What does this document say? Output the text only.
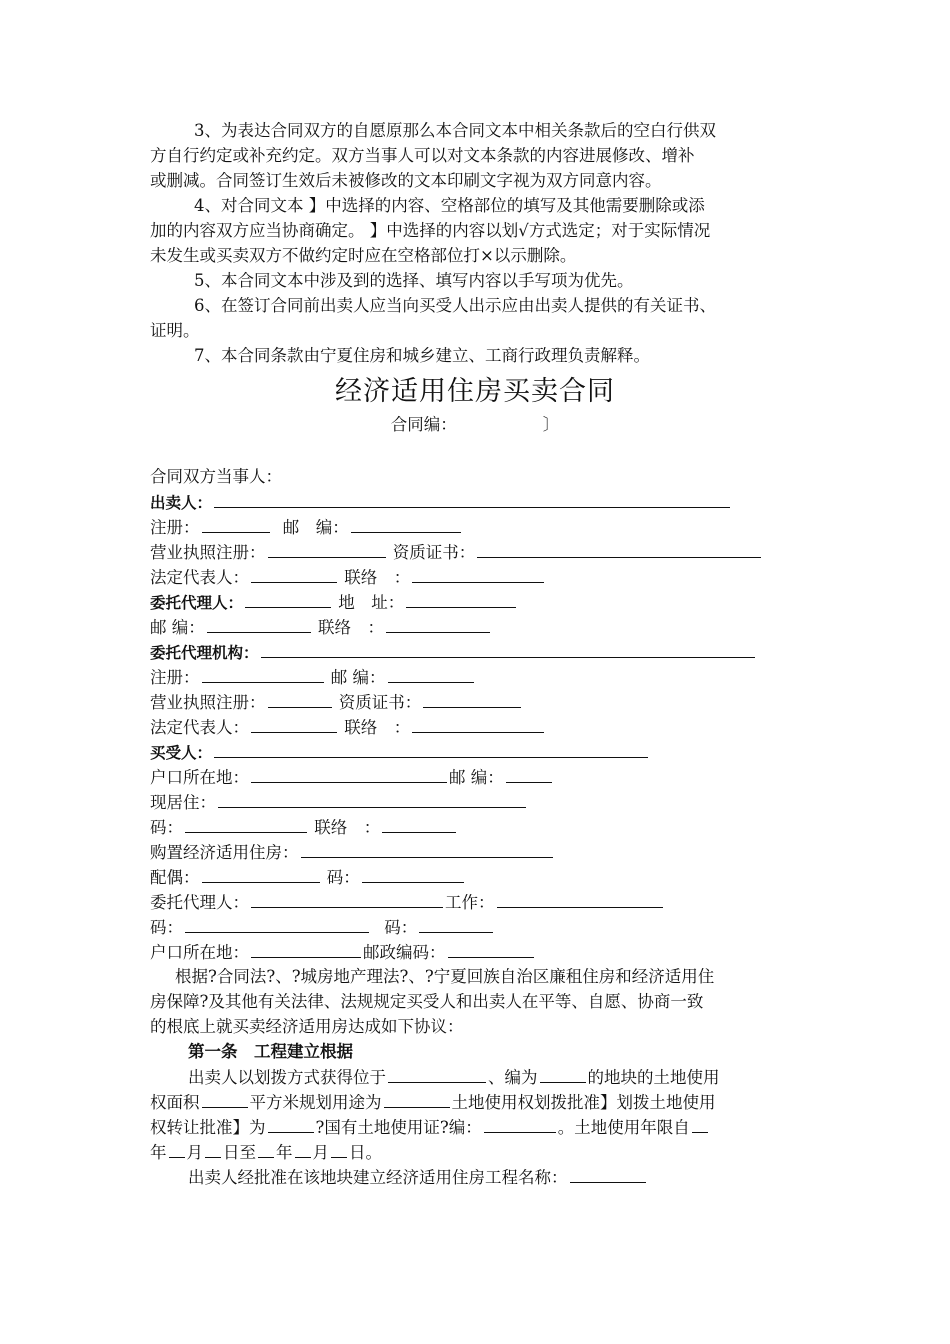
3、为表达合同双方的自愿原那么本合同文本中相关条款后的空白行供双
方自行约定或补充约定。双方当事人可以对文本条款的内容进展修改、增补
或删减。合同签订生效后未被修改的文本印刷文字视为双方同意内容。
4、对合同文本 】中选择的内容、空格部位的填写及其他需要删除或添
加的内容双方应当协商确定。 】中选择的内容以划√方式选定；对于实际情况
未发生或买卖双方不做约定时应在空格部位打×以示删除。
5、本合同文本中涉及到的选择、填写内容以手写项为优先。
6、在签订合同前出卖人应当向买受人出示应由出卖人提供的有关证书、
证明。
7、本合同条款由宁夏住房和城乡建立、工商行政理负责解释。
经济适用住房买卖合同
合同编：	〕
合同双方当事人：
出卖人：
注册：	邮　编：
营业执照注册：	资质证书：
法定代表人：	联络　：
委托代理人：	地　址：
邮 编：	联络　：
委托代理机构：
注册：	邮 编：
营业执照注册：	资质证书：
法定代表人：	联络　：
买受人：
户口所在地：	邮 编：
现居住：
码：	联络　：
购置经济适用住房：
配偶：	码：
委托代理人：	工作：
码：	码：
户口所在地：	邮政编码：
根据?合同法?、?城房地产理法?、?宁夏回族自治区廉租住房和经济适用住
房保障?及其他有关法律、法规规定买受人和出卖人在平等、自愿、协商一致
的根底上就买卖经济适用房达成如下协议：
第一条　工程建立根据
出卖人以划拨方式获得位于	、编为	的地块的土地使用
权面积	平方米规划用途为	土地使用权划拨批准】划拨土地使用
权转让批准】为	?国有土地使用证?编：	。土地使用年限自
年 月 日至 年 月 日。
出卖人经批准在该地块建立经济适用住房工程名称：
